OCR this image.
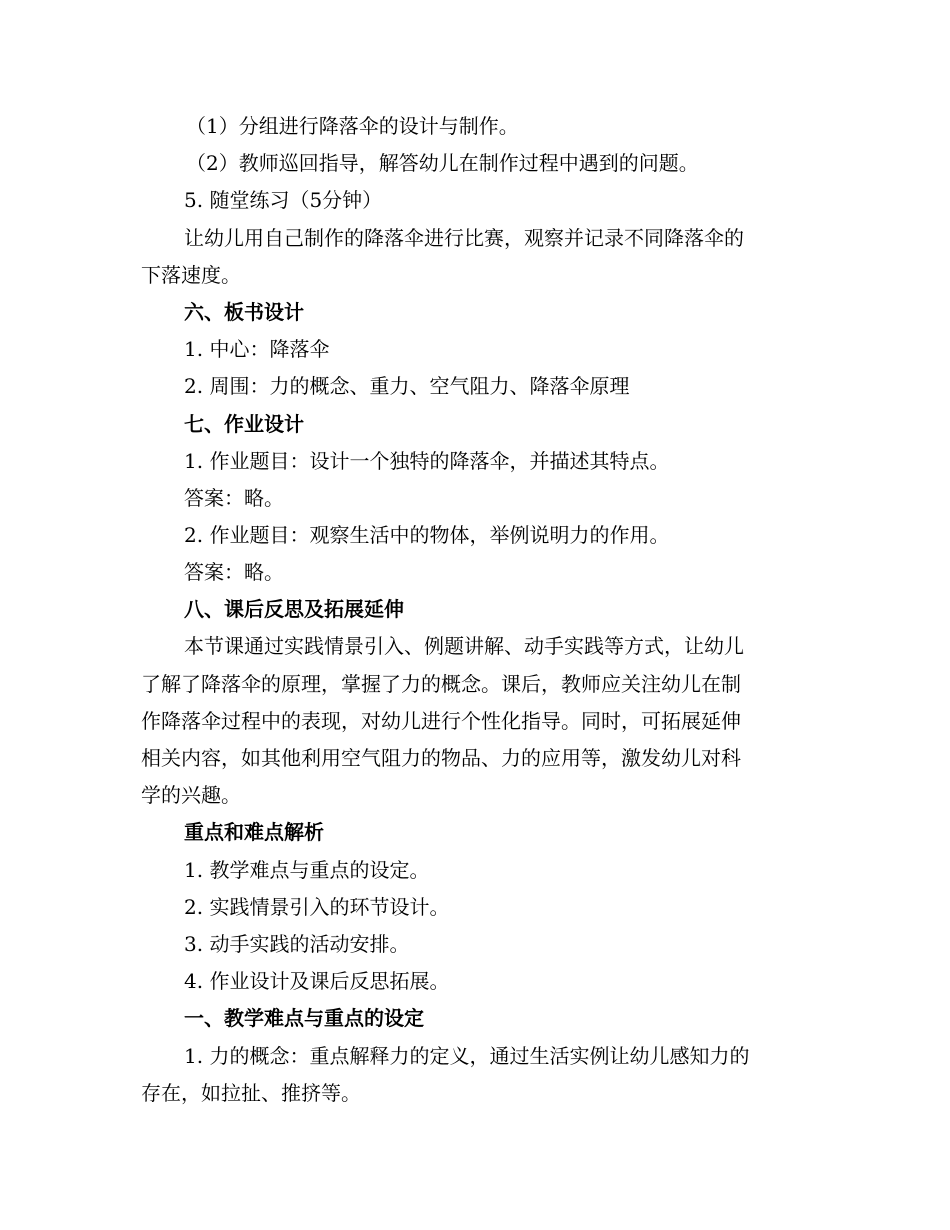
（1）分组进行降落伞的设计与制作。
（2）教师巡回指导，解答幼儿在制作过程中遇到的问题。
5. 随堂练习（5分钟）
让幼儿用自己制作的降落伞进行比赛，观察并记录不同降落伞的
下落速度。
六、板书设计
1. 中心：降落伞
2. 周围：力的概念、重力、空气阻力、降落伞原理
七、作业设计
1. 作业题目：设计一个独特的降落伞，并描述其特点。
答案：略。
2. 作业题目：观察生活中的物体，举例说明力的作用。
答案：略。
八、课后反思及拓展延伸
本节课通过实践情景引入、例题讲解、动手实践等方式，让幼儿
了解了降落伞的原理，掌握了力的概念。课后，教师应关注幼儿在制
作降落伞过程中的表现，对幼儿进行个性化指导。同时，可拓展延伸
相关内容，如其他利用空气阻力的物品、力的应用等，激发幼儿对科
学的兴趣。
重点和难点解析
1. 教学难点与重点的设定。
2. 实践情景引入的环节设计。
3. 动手实践的活动安排。
4. 作业设计及课后反思拓展。
一、教学难点与重点的设定
1. 力的概念：重点解释力的定义，通过生活实例让幼儿感知力的
存在，如拉扯、推挤等。
